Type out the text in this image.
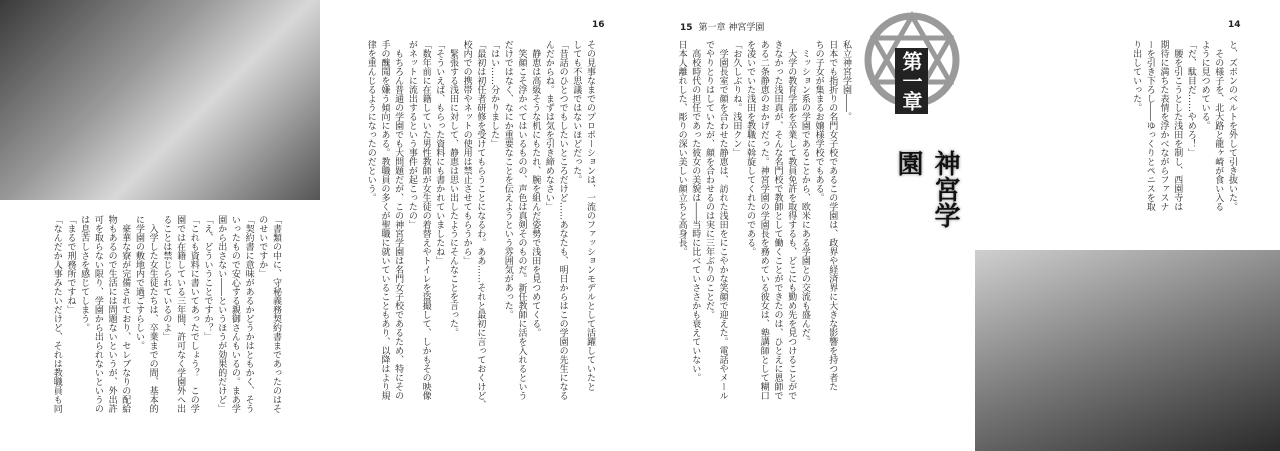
14
と、ズボンのベルトを外して引き抜いた。
　その様子を、北大路と龍ヶ崎が食い入る
ように見つめている。
「だ、駄目だ……やめろ！」
　腰を引こうとした浅田を制し、西園寺は
期待に満ちた表情を浮かべながらファスナ
ーを引き下ろし――ゆっくりとペニスを取
り出していった。
15 第一章 神宮学園
私立神宮学園――。
日本でも指折りの名門女子校であるこの学園は、政界や経済界に大きな影響を持つ者た
ちの子女が集まるお嬢様学校でもある。
　ミッション系の学園であることから、欧米にある学園との交流も盛んだ。
　大学の教育学部を卒業して教員免許を取得するも、どこにも勤め先を見つけることがで
きなかった浅田真が、そんな名門校で教師として働くことができたのは、ひとえに恩師で
ある二条静恵のおかげだった。神宮学園の学園長を務めている彼女は、塾講師として糊口
を凌いでいた浅田を教職に斡旋してくれたのである。
「お久しぶりね。浅田クン」
　学園長室で顔を合わせた静恵は、訪れた浅田をにこやかな笑顔で迎えた。電話やメール
でやりとりはしていたが、顔を合わせるのは実に三年ぶりのことだ。
　高校時代の担任であった彼女の美貌は――当時に比べていささかも衰えていない。
日本人離れした、彫りの深い美しい顔立ちと高身長。	第一章
神宮学園
16
その見事なまでのプロポーションは、一流のファッションモデルとして活躍していたと
しても不思議ではないほどだった。
「昔話のひとつでもしたいところだけど……あなたも、明日からはこの学園の先生になる
んだからね。まずは気を引き締めなさい」
　静恵は高級そうな机にもたれ、腕を組んだ姿勢で浅田を見つめてくる。
　笑顔こそ浮かべてはいるものの、声色は真剣そのものだ。新任教師に活を入れるという
だけではなく、なにか重要なことを伝えようという雰囲気があった。
「はい……分かりました」
「最初は初任者研修を受けてもらうことになるわ。ああ……それと最初に言っておくけど、
校内での携帯やネットの使用は禁止させてもらうから」
　緊張する浅田に対して、静恵は思い出したようにそんなことを言った。
「そういえば、もらった資料にも書かれていましたね」
「数年前に在籍していた男性教師が女生徒の着替えやトイレを盗撮して、しかもその映像
がネットに流出するという事件が起こったの」
　もちろん普通の学園でも大問題だが、この神宮学園は名門女子校であるため、特にその
手の醜聞を嫌う傾向にある。教職員の多くが聖職に就いていることもあり、以降はより規
律を重んじるようになったのだという。
「書類の中に、守秘義務契約書まであったのはそ
のせいですか」
「契約書に意味があるかどうかはともかく、そう
いったもので安心する親御さんもいるの。まあ学
園から出さない――というほうが効果的だけど」
「え、どういうことですか？」
「これも資料に書いてあったでしょう？　この学
園では在籍している三年間、許可なく学園外へ出
ることは禁じられているのよ」
　入学した女生徒たちは、卒業までの間、基本的
に学園の敷地内で過ごすらしい。
　豪華な寮が完備されており、セレブなりの配給
物もあるので生活には問題ないというが、外出許
可を取らない限り、学園から出られないというの
は息苦しさを感じてしまう。
「まるで刑務所ですね」
「なんだか人事みたいだけど、それは教職員も同
